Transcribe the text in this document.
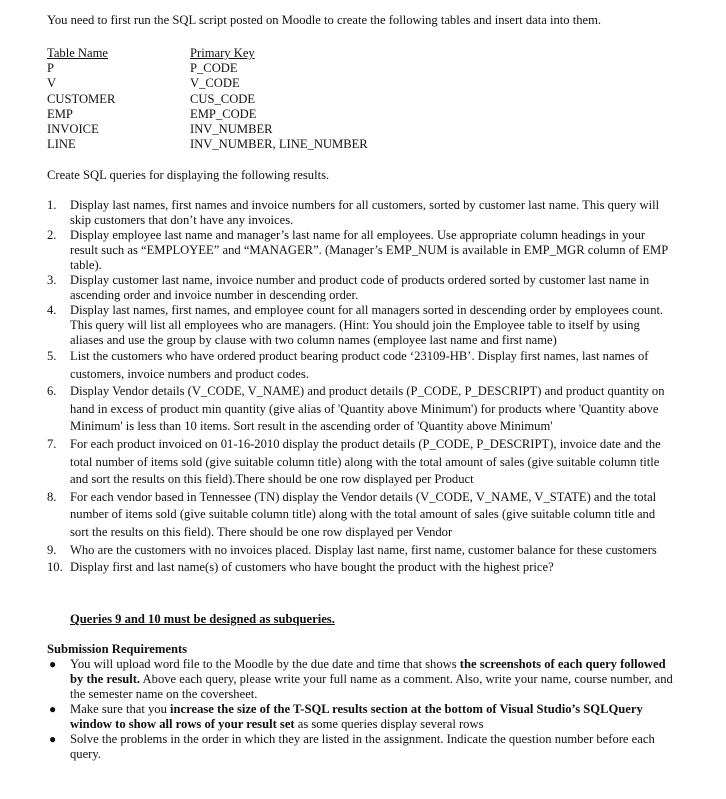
You need to first run the SQL script posted on Moodle to create the following tables and insert data into them.
Table Name	Primary Key
P	P_CODE
V	V_CODE
CUSTOMER	CUS_CODE
EMP	EMP_CODE
INVOICE	INV_NUMBER
LINE	INV_NUMBER, LINE_NUMBER
Create SQL queries for displaying the following results.
1. Display last names, first names and invoice numbers for all customers, sorted by customer last name. This query will skip customers that don’t have any invoices.
2. Display employee last name and manager’s last name for all employees. Use appropriate column headings in your result such as “EMPLOYEE” and “MANAGER”. (Manager’s EMP_NUM is available in EMP_MGR column of EMP table).
3. Display customer last name, invoice number and product code of products ordered sorted by customer last name in ascending order and invoice number in descending order.
4. Display last names, first names, and employee count for all managers sorted in descending order by employees count. This query will list all employees who are managers. (Hint: You should join the Employee table to itself by using aliases and use the group by clause with two column names (employee last name and first name)
5. List the customers who have ordered product bearing product code ‘23109-HB’. Display first names, last names of customers, invoice numbers and product codes.
6. Display Vendor details (V_CODE, V_NAME) and product details (P_CODE, P_DESCRIPT) and product quantity on hand in excess of product min quantity (give alias of 'Quantity above Minimum') for products where 'Quantity above Minimum' is less than 10 items. Sort result in the ascending order of 'Quantity above Minimum'
7. For each product invoiced on 01-16-2010 display the product details (P_CODE, P_DESCRIPT), invoice date and the total number of items sold (give suitable column title) along with the total amount of sales (give suitable column title and sort the results on this field).There should be one row displayed per Product
8. For each vendor based in Tennessee (TN) display the Vendor details (V_CODE, V_NAME, V_STATE) and the total number of items sold (give suitable column title) along with the total amount of sales (give suitable column title and sort the results on this field). There should be one row displayed per Vendor
9. Who are the customers with no invoices placed. Display last name, first name, customer balance for these customers
10. Display first and last name(s) of customers who have bought the product with the highest price?
Queries 9 and 10 must be designed as subqueries.
Submission Requirements
● You will upload word file to the Moodle by the due date and time that shows the screenshots of each query followed by the result. Above each query, please write your full name as a comment. Also, write your name, course number, and the semester name on the coversheet.
● Make sure that you increase the size of the T-SQL results section at the bottom of Visual Studio’s SQLQuery window to show all rows of your result set as some queries display several rows
● Solve the problems in the order in which they are listed in the assignment. Indicate the question number before each query.
